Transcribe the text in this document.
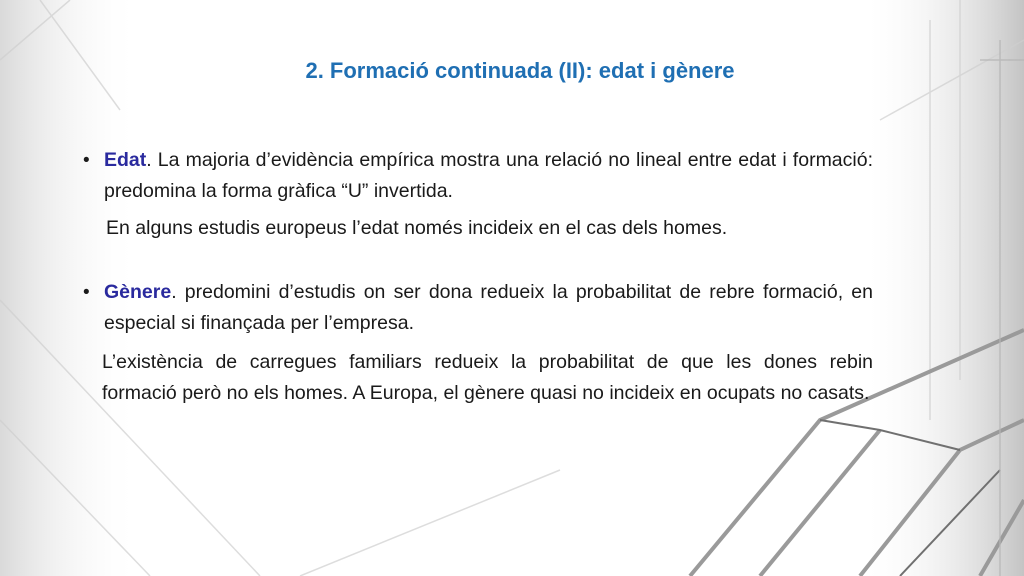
2. Formació continuada (II): edat i gènere
• Edat. La majoria d’evidència empírica mostra una relació no lineal entre edat i formació: predomina la forma gràfica “U” invertida.
En alguns estudis europeus l’edat només incideix en el cas dels homes.
• Gènere. predomini d’estudis on ser dona redueix la probabilitat de rebre formació, en especial si finançada per l’empresa.
L’existència de carregues familiars redueix la probabilitat de que les dones rebin formació però no els homes. A Europa, el gènere quasi no incideix en ocupats no casats.
